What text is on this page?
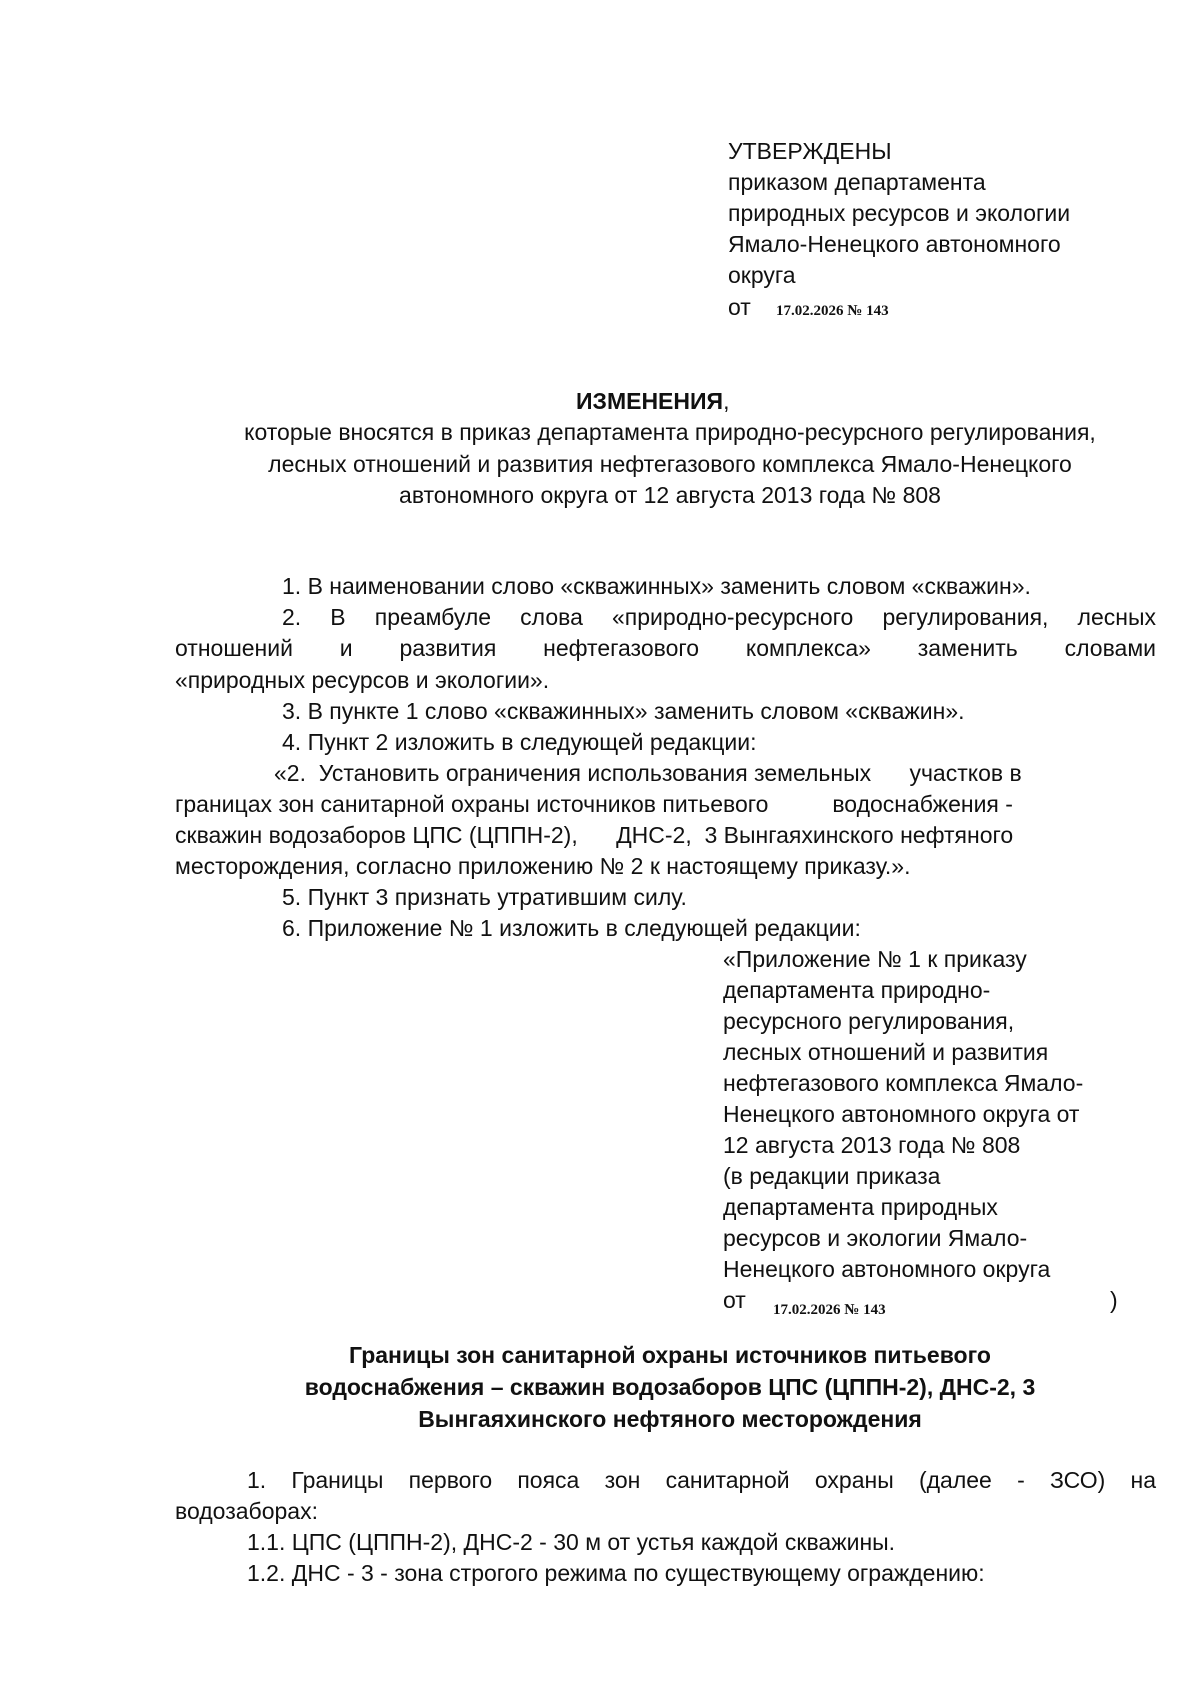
УТВЕРЖДЕНЫ
приказом департамента
природных ресурсов и экологии
Ямало-Ненецкого автономного
округа
от 17.02.2026 № 143
ИЗМЕНЕНИЯ,
которые вносятся в приказ департамента природно-ресурсного регулирования,
лесных отношений и развития нефтегазового комплекса Ямало-Ненецкого
автономного округа от 12 августа 2013 года № 808
1. В наименовании слово «скважинных» заменить словом «скважин».
2. В преамбуле слова «природно-ресурсного регулирования, лесных
отношений и развития нефтегазового комплекса» заменить словами
«природных ресурсов и экологии».
3. В пункте 1 слово «скважинных» заменить словом «скважин».
4. Пункт 2 изложить в следующей редакции:
«2.  Установить ограничения использования земельных      участков в
границах зон санитарной охраны источников питьевого          водоснабжения -
скважин водозаборов ЦПС (ЦППН-2),      ДНС-2,  3 Вынгаяхинского нефтяного
месторождения, согласно приложению № 2 к настоящему приказу.».
5. Пункт 3 признать утратившим силу.
6. Приложение № 1 изложить в следующей редакции:
«Приложение № 1 к приказу
департамента природно-
ресурсного регулирования,
лесных отношений и развития
нефтегазового комплекса Ямало-
Ненецкого автономного округа от
12 августа 2013 года № 808
(в редакции приказа
департамента природных
ресурсов и экологии Ямало-
Ненецкого автономного округа
от 17.02.2026 № 143	)
Границы зон санитарной охраны источников питьевого
водоснабжения – скважин водозаборов ЦПС (ЦППН-2), ДНС-2, 3
Вынгаяхинского нефтяного месторождения
1. Границы первого пояса зон санитарной охраны (далее - ЗСО) на
водозаборах:
1.1. ЦПС (ЦППН-2), ДНС-2 - 30 м от устья каждой скважины.
1.2. ДНС - 3 - зона строгого режима по существующему ограждению:
